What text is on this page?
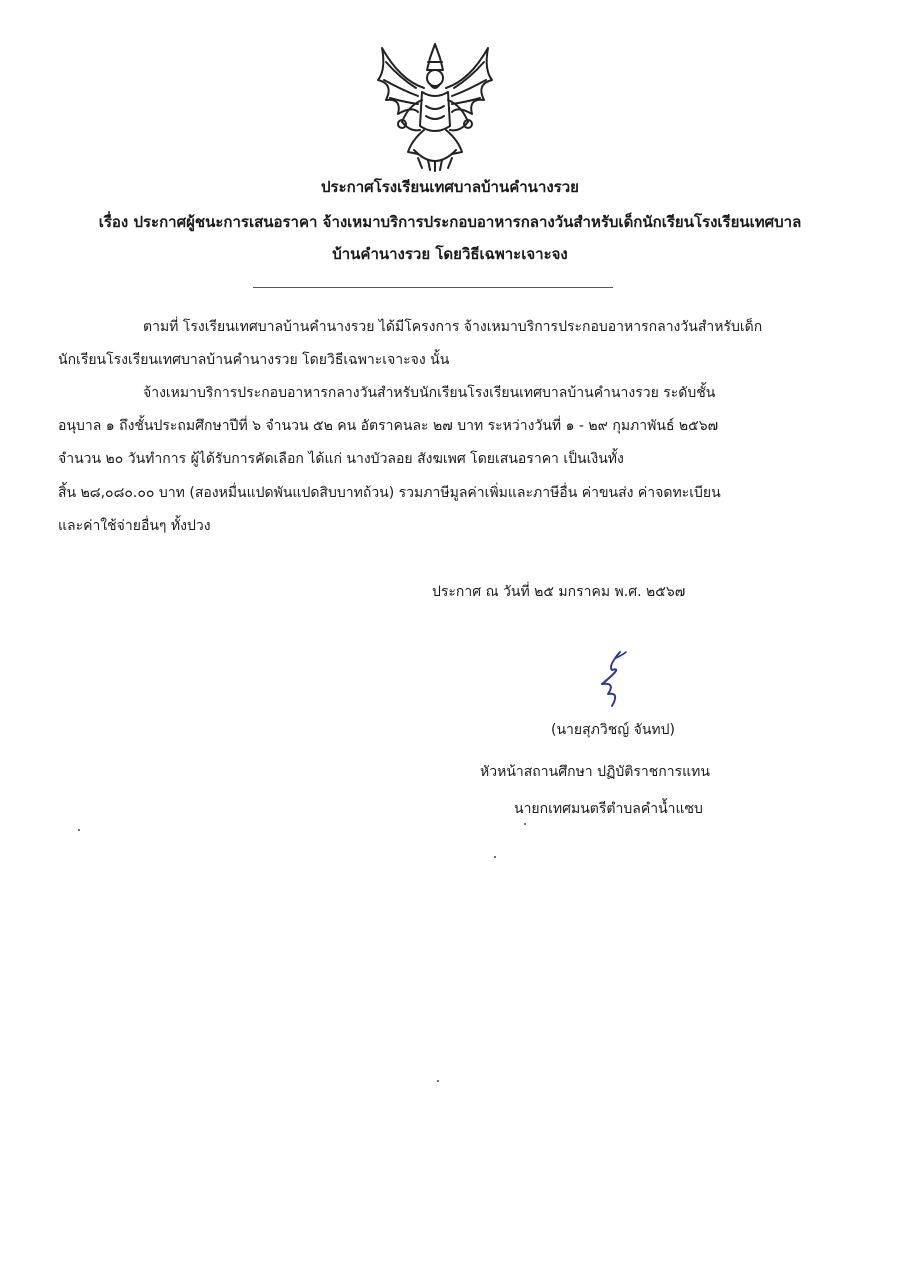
ประกาศโรงเรียนเทศบาลบ้านคำนางรวย
เรื่อง ประกาศผู้ชนะการเสนอราคา จ้างเหมาบริการประกอบอาหารกลางวันสำหรับเด็กนักเรียนโรงเรียนเทศบาล
บ้านคำนางรวย โดยวิธีเฉพาะเจาะจง
ตามที่ โรงเรียนเทศบาลบ้านคำนางรวย ได้มีโครงการ จ้างเหมาบริการประกอบอาหารกลางวันสำหรับเด็ก
นักเรียนโรงเรียนเทศบาลบ้านคำนางรวย โดยวิธีเฉพาะเจาะจง นั้น
จ้างเหมาบริการประกอบอาหารกลางวันสำหรับนักเรียนโรงเรียนเทศบาลบ้านคำนางรวย ระดับชั้น
อนุบาล ๑ ถึงชั้นประถมศึกษาปีที่ ๖ จำนวน ๕๒ คน อัตราคนละ ๒๗ บาท ระหว่างวันที่ ๑ - ๒๙ กุมภาพันธ์ ๒๕๖๗
จำนวน ๒๐ วันทำการ ผู้ได้รับการคัดเลือก ได้แก่ นางบัวลอย สังฆเพศ โดยเสนอราคา เป็นเงินทั้ง
สิ้น ๒๘,๐๘๐.๐๐ บาท (สองหมื่นแปดพันแปดสิบบาทถ้วน) รวมภาษีมูลค่าเพิ่มและภาษีอื่น ค่าขนส่ง ค่าจดทะเบียน
และค่าใช้จ่ายอื่นๆ ทั้งปวง
ประกาศ ณ วันที่ ๒๕ มกราคม พ.ศ. ๒๕๖๗
(นายสุภวิชญ์ จันทป)
หัวหน้าสถานศึกษา ปฏิบัติราชการแทน
นายกเทศมนตรีตำบลคำน้ำแซบ
